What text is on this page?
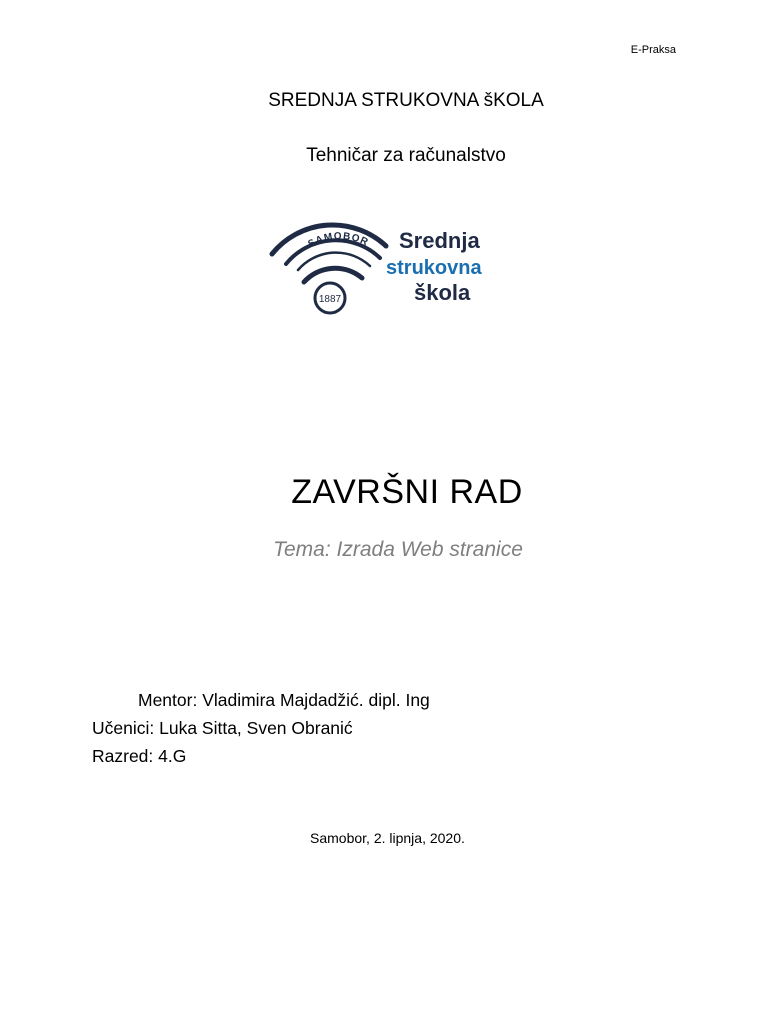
E-Praksa
SREDNJA STRUKOVNA šKOLA
Tehničar za računalstvo
SAMOBOR
1887
Srednja
strukovna
škola
ZAVRŠNI RAD
Tema: Izrada Web stranice
Mentor: Vladimira Majdadžić. dipl. Ing
Učenici: Luka Sitta, Sven Obranić
Razred: 4.G
Samobor, 2. lipnja, 2020.
